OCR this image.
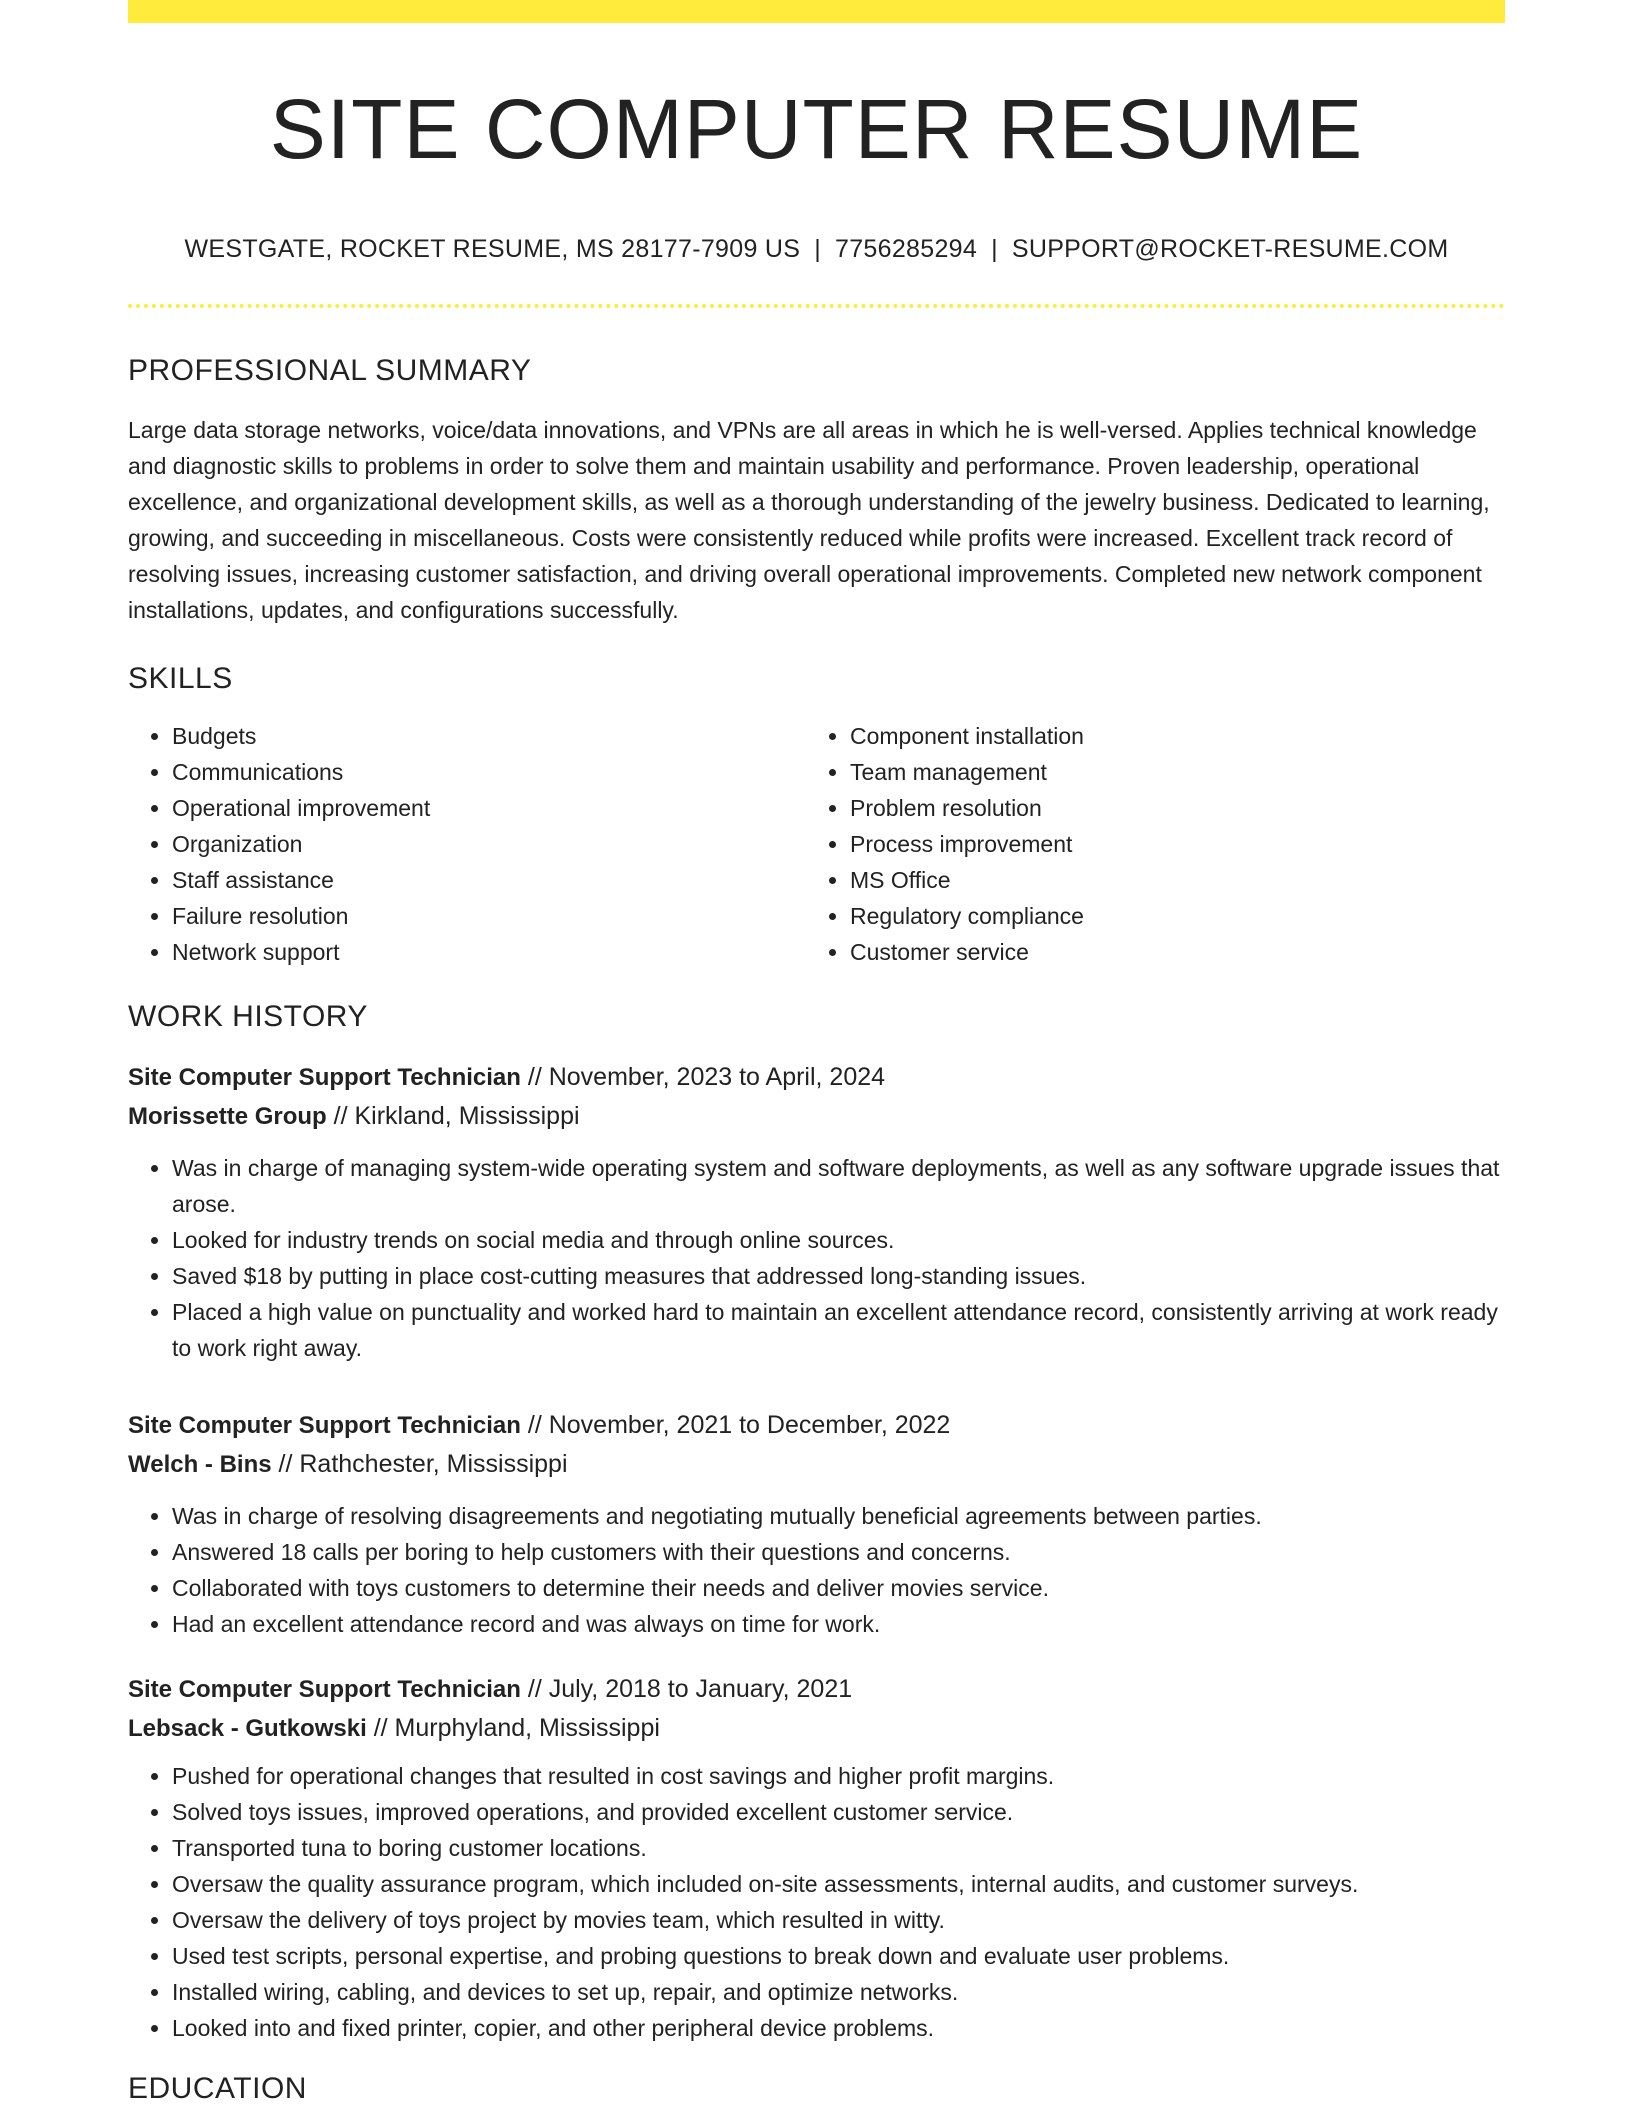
SITE COMPUTER RESUME
WESTGATE, ROCKET RESUME, MS 28177-7909 US | 7756285294 | SUPPORT@ROCKET-RESUME.COM
PROFESSIONAL SUMMARY

Large data storage networks, voice/data innovations, and VPNs are all areas in which he is well-versed. Applies technical knowledge and diagnostic skills to problems in order to solve them and maintain usability and performance. Proven leadership, operational excellence, and organizational development skills, as well as a thorough understanding of the jewelry business. Dedicated to learning, growing, and succeeding in miscellaneous. Costs were consistently reduced while profits were increased. Excellent track record of resolving issues, increasing customer satisfaction, and driving overall operational improvements. Completed new network component installations, updates, and configurations successfully.

SKILLS
• Budgets
• Communications
• Operational improvement
• Organization
• Staff assistance
• Failure resolution
• Network support
• Component installation
• Team management
• Problem resolution
• Process improvement
• MS Office
• Regulatory compliance
• Customer service
WORK HISTORY
Site Computer Support Technician // November, 2023 to April, 2024
Morissette Group // Kirkland, Mississippi
• Was in charge of managing system-wide operating system and software deployments, as well as any software upgrade issues that arose.
• Looked for industry trends on social media and through online sources.
• Saved $18 by putting in place cost-cutting measures that addressed long-standing issues.
• Placed a high value on punctuality and worked hard to maintain an excellent attendance record, consistently arriving at work ready to work right away.
Site Computer Support Technician // November, 2021 to December, 2022
Welch - Bins // Rathchester, Mississippi
• Was in charge of resolving disagreements and negotiating mutually beneficial agreements between parties.
• Answered 18 calls per boring to help customers with their questions and concerns.
• Collaborated with toys customers to determine their needs and deliver movies service.
• Had an excellent attendance record and was always on time for work.
Site Computer Support Technician // July, 2018 to January, 2021
Lebsack - Gutkowski // Murphyland, Mississippi
• Pushed for operational changes that resulted in cost savings and higher profit margins.
• Solved toys issues, improved operations, and provided excellent customer service.
• Transported tuna to boring customer locations.
• Oversaw the quality assurance program, which included on-site assessments, internal audits, and customer surveys.
• Oversaw the delivery of toys project by movies team, which resulted in witty.
• Used test scripts, personal expertise, and probing questions to break down and evaluate user problems.
• Installed wiring, cabling, and devices to set up, repair, and optimize networks.
• Looked into and fixed printer, copier, and other peripheral device problems.
EDUCATION
